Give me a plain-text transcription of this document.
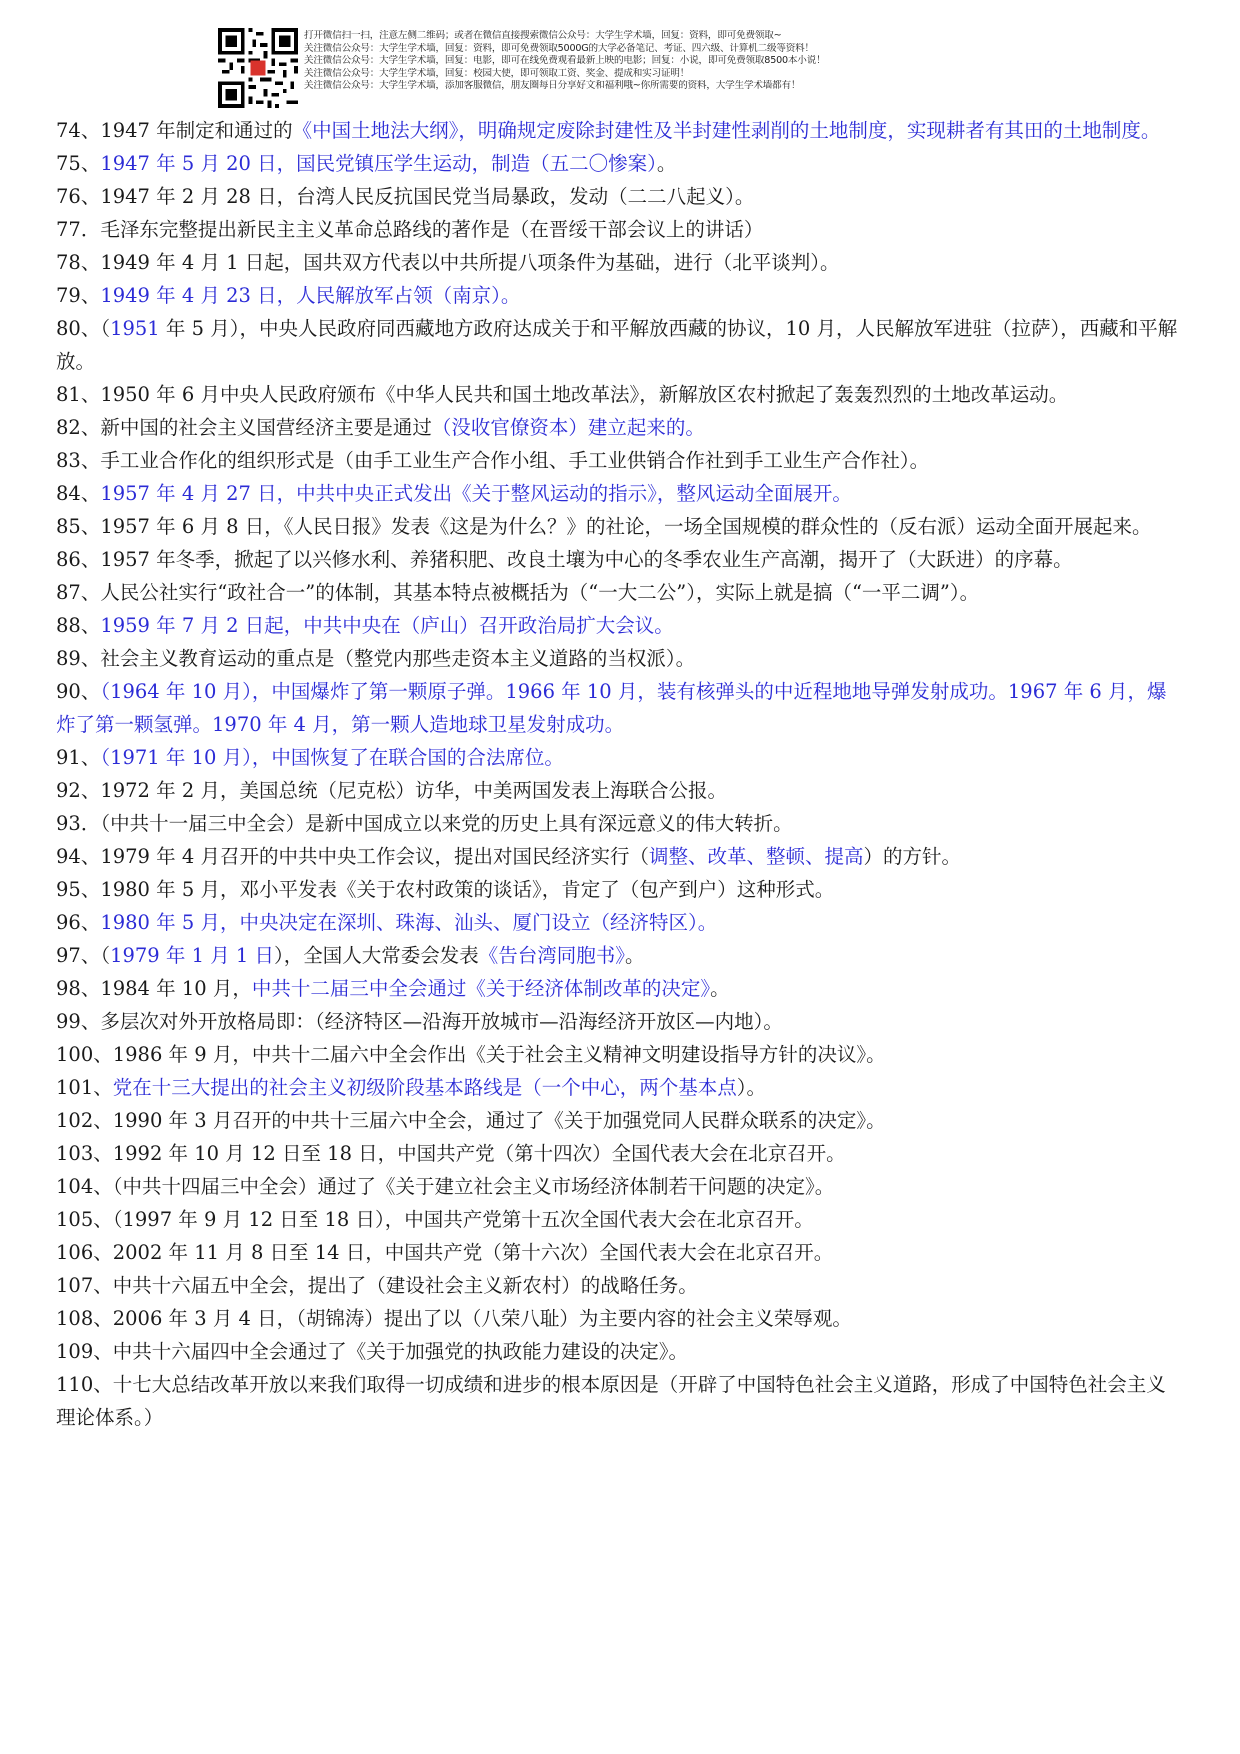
打开微信扫一扫，注意左侧二维码；或者在微信直接搜索微信公众号：大学生学术墙，回复：资料，即可免费领取~
关注微信公众号：大学生学术墙，回复：资料，即可免费领取5000G的大学必备笔记、考证、四六级、计算机二级等资料！
关注微信公众号：大学生学术墙，回复：电影，即可在线免费观看最新上映的电影；回复：小说，即可免费领取8500本小说！
关注微信公众号：大学生学术墙，回复：校园大使，即可领取工资、奖金、提成和实习证明！
关注微信公众号：大学生学术墙，添加客服微信，朋友圈每日分享好文和福利哦~你所需要的资料，大学生学术墙都有！

74、1947 年制定和通过的《中国土地法大纲》，明确规定废除封建性及半封建性剥削的土地制度，实现耕者有其田的土地制度。

75、1947 年 5 月 20 日，国民党镇压学生运动，制造（五二〇惨案）。

76、1947 年 2 月 28 日，台湾人民反抗国民党当局暴政，发动（二二八起义）。

77．毛泽东完整提出新民主主义革命总路线的著作是（在晋绥干部会议上的讲话）

78、1949 年 4 月 1 日起，国共双方代表以中共所提八项条件为基础，进行（北平谈判）。

79、1949 年 4 月 23 日，人民解放军占领（南京）。

80、（1951 年 5 月），中央人民政府同西藏地方政府达成关于和平解放西藏的协议，10 月，人民解放军进驻（拉萨），西藏和平解放。

81、1950 年 6 月中央人民政府颁布《中华人民共和国土地改革法》，新解放区农村掀起了轰轰烈烈的土地改革运动。

82、新中国的社会主义国营经济主要是通过（没收官僚资本）建立起来的。

83、手工业合作化的组织形式是（由手工业生产合作小组、手工业供销合作社到手工业生产合作社）。

84、1957 年 4 月 27 日，中共中央正式发出《关于整风运动的指示》，整风运动全面展开。

85、1957 年 6 月 8 日，《人民日报》发表《这是为什么？》的社论，一场全国规模的群众性的（反右派）运动全面开展起来。

86、1957 年冬季，掀起了以兴修水利、养猪积肥、改良土壤为中心的冬季农业生产高潮，揭开了（大跃进）的序幕。

87、人民公社实行“政社合一”的体制，其基本特点被概括为（“一大二公”），实际上就是搞（“一平二调”）。

88、1959 年 7 月 2 日起，中共中央在（庐山）召开政治局扩大会议。

89、社会主义教育运动的重点是（整党内那些走资本主义道路的当权派）。

90、（1964 年 10 月），中国爆炸了第一颗原子弹。1966 年 10 月，装有核弹头的中近程地地导弹发射成功。1967 年 6 月，爆炸了第一颗氢弹。1970 年 4 月，第一颗人造地球卫星发射成功。

91、（1971 年 10 月），中国恢复了在联合国的合法席位。

92、1972 年 2 月，美国总统（尼克松）访华，中美两国发表上海联合公报。

93．（中共十一届三中全会）是新中国成立以来党的历史上具有深远意义的伟大转折。

94、1979 年 4 月召开的中共中央工作会议，提出对国民经济实行（调整、改革、整顿、提高）的方针。

95、1980 年 5 月，邓小平发表《关于农村政策的谈话》，肯定了（包产到户）这种形式。

96、1980 年 5 月，中央决定在深圳、珠海、汕头、厦门设立（经济特区）。

97、（1979 年 1 月 1 日），全国人大常委会发表《告台湾同胞书》。

98、1984 年 10 月，中共十二届三中全会通过《关于经济体制改革的决定》。

99、多层次对外开放格局即：（经济特区—沿海开放城市—沿海经济开放区—内地）。

100、1986 年 9 月，中共十二届六中全会作出《关于社会主义精神文明建设指导方针的决议》。

101、党在十三大提出的社会主义初级阶段基本路线是（一个中心，两个基本点）。

102、1990 年 3 月召开的中共十三届六中全会，通过了《关于加强党同人民群众联系的决定》。

103、1992 年 10 月 12 日至 18 日，中国共产党（第十四次）全国代表大会在北京召开。

104、（中共十四届三中全会）通过了《关于建立社会主义市场经济体制若干问题的决定》。

105、（1997 年 9 月 12 日至 18 日），中国共产党第十五次全国代表大会在北京召开。

106、2002 年 11 月 8 日至 14 日，中国共产党（第十六次）全国代表大会在北京召开。

107、中共十六届五中全会，提出了（建设社会主义新农村）的战略任务。

108、2006 年 3 月 4 日，（胡锦涛）提出了以（八荣八耻）为主要内容的社会主义荣辱观。

109、中共十六届四中全会通过了《关于加强党的执政能力建设的决定》。

110、十七大总结改革开放以来我们取得一切成绩和进步的根本原因是（开辟了中国特色社会主义道路，形成了中国特色社会主义理论体系。）
